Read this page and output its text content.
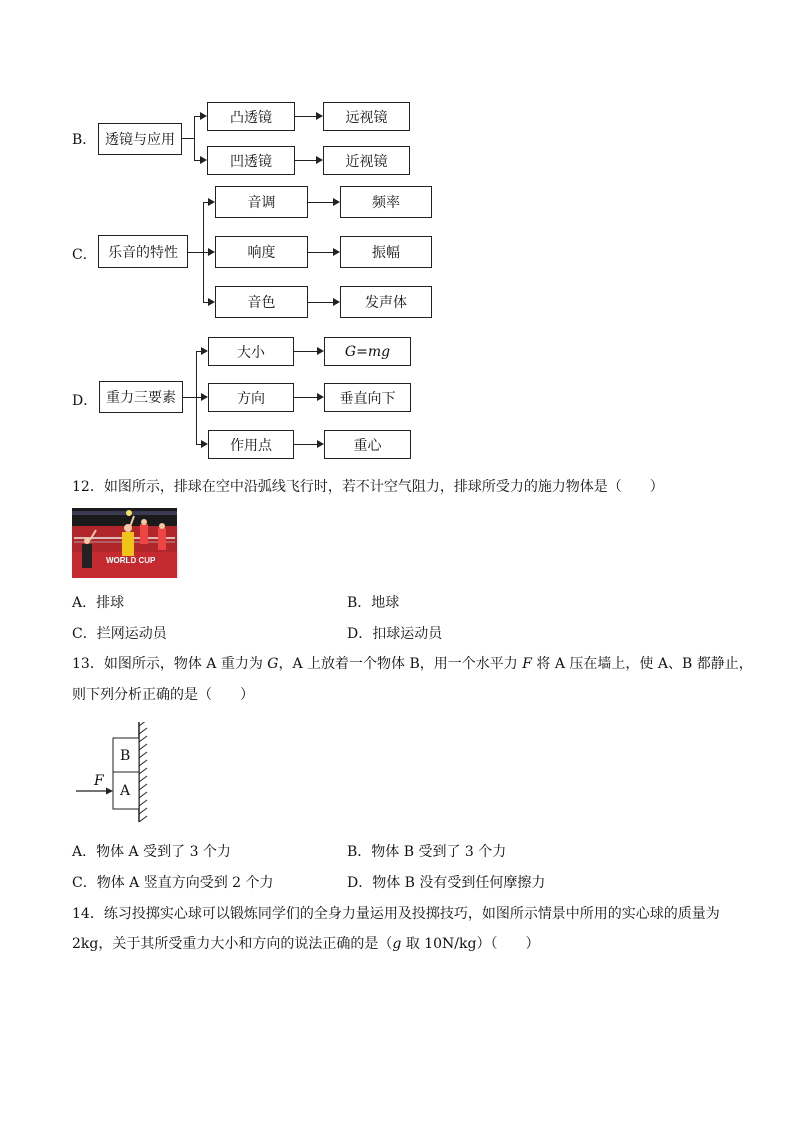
B． 透镜与应用
凸透镜
凹透镜
远视镜
近视镜
C． 乐音的特性
音调
响度
音色
频率
振幅
发声体
D． 重力三要素
大小
方向
作用点
G=mg
垂直向下
重心
12．如图所示，排球在空中沿弧线飞行时，若不计空气阻力，排球所受力的施力物体是（　　）
WORLD CUP
A．排球	B．地球
C．拦网运动员	D．扣球运动员
13．如图所示，物体 A 重力为 G，A 上放着一个物体 B，用一个水平力 F 将 A 压在墙上，使 A、B 都静止，
则下列分析正确的是（　　）
B
A
F
A．物体 A 受到了 3 个力	B．物体 B 受到了 3 个力
C．物体 A 竖直方向受到 2 个力	D．物体 B 没有受到任何摩擦力
14．练习投掷实心球可以锻炼同学们的全身力量运用及投掷技巧，如图所示情景中所用的实心球的质量为
2kg，关于其所受重力大小和方向的说法正确的是（g 取 10N/kg）（　　）
